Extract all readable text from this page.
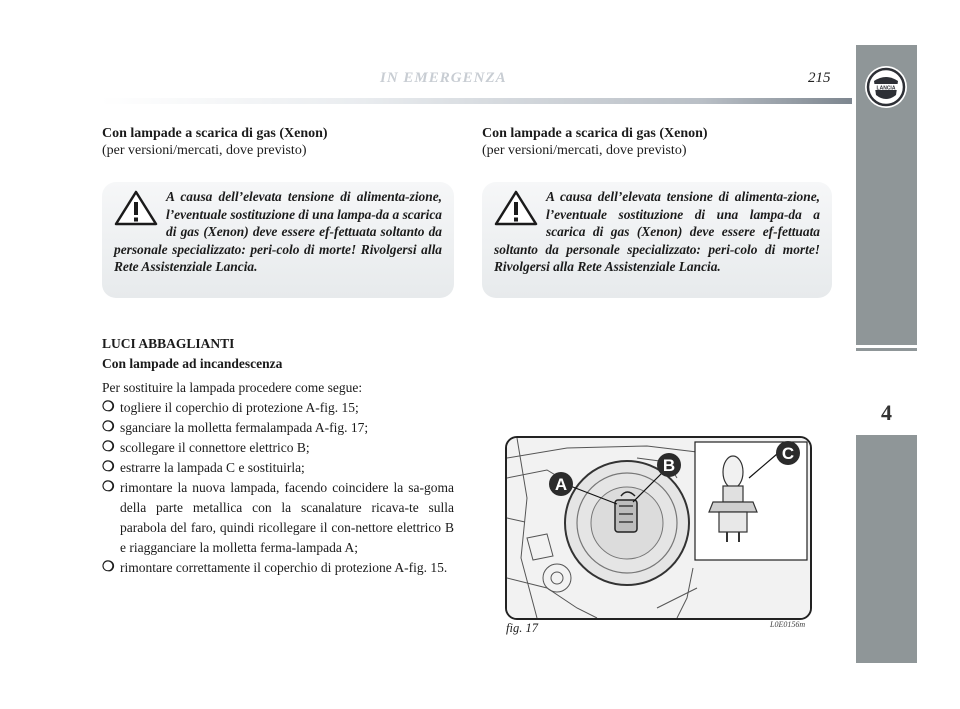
IN EMERGENZA	215
4
LANCIA
Con lampade a scarica di gas (Xenon)
(per versioni/mercati, dove previsto)
A causa dell’elevata tensione di alimenta-zione, l’eventuale sostituzione di una lampa-da a scarica di gas (Xenon) deve essere ef-fettuata soltanto da personale specializzato: peri-colo di morte! Rivolgersi alla Rete Assistenziale Lancia.
LUCI ABBAGLIANTI
Con lampade ad incandescenza

Per sostituire la lampada procedere come segue:

❍ togliere il coperchio di protezione A-fig. 15;
❍ sganciare la molletta fermalampada A-fig. 17;
❍ scollegare il connettore elettrico B;
❍ estrarre la lampada C e sostituirla;
❍ rimontare la nuova lampada, facendo coincidere la sa-goma della parte metallica con la scanalature ricava-te sulla parabola del faro, quindi ricollegare il con-nettore elettrico B e riagganciare la molletta ferma-lampada A;
❍ rimontare correttamente il coperchio di protezione A-fig. 15.
Con lampade a scarica di gas (Xenon)
(per versioni/mercati, dove previsto)
A causa dell’elevata tensione di alimenta-zione, l’eventuale sostituzione di una lampa-da a scarica di gas (Xenon) deve essere ef-fettuata soltanto da personale specializzato: peri-colo di morte! Rivolgersi alla Rete Assistenziale Lancia.
A
B
C
fig. 17	L0E0156m
